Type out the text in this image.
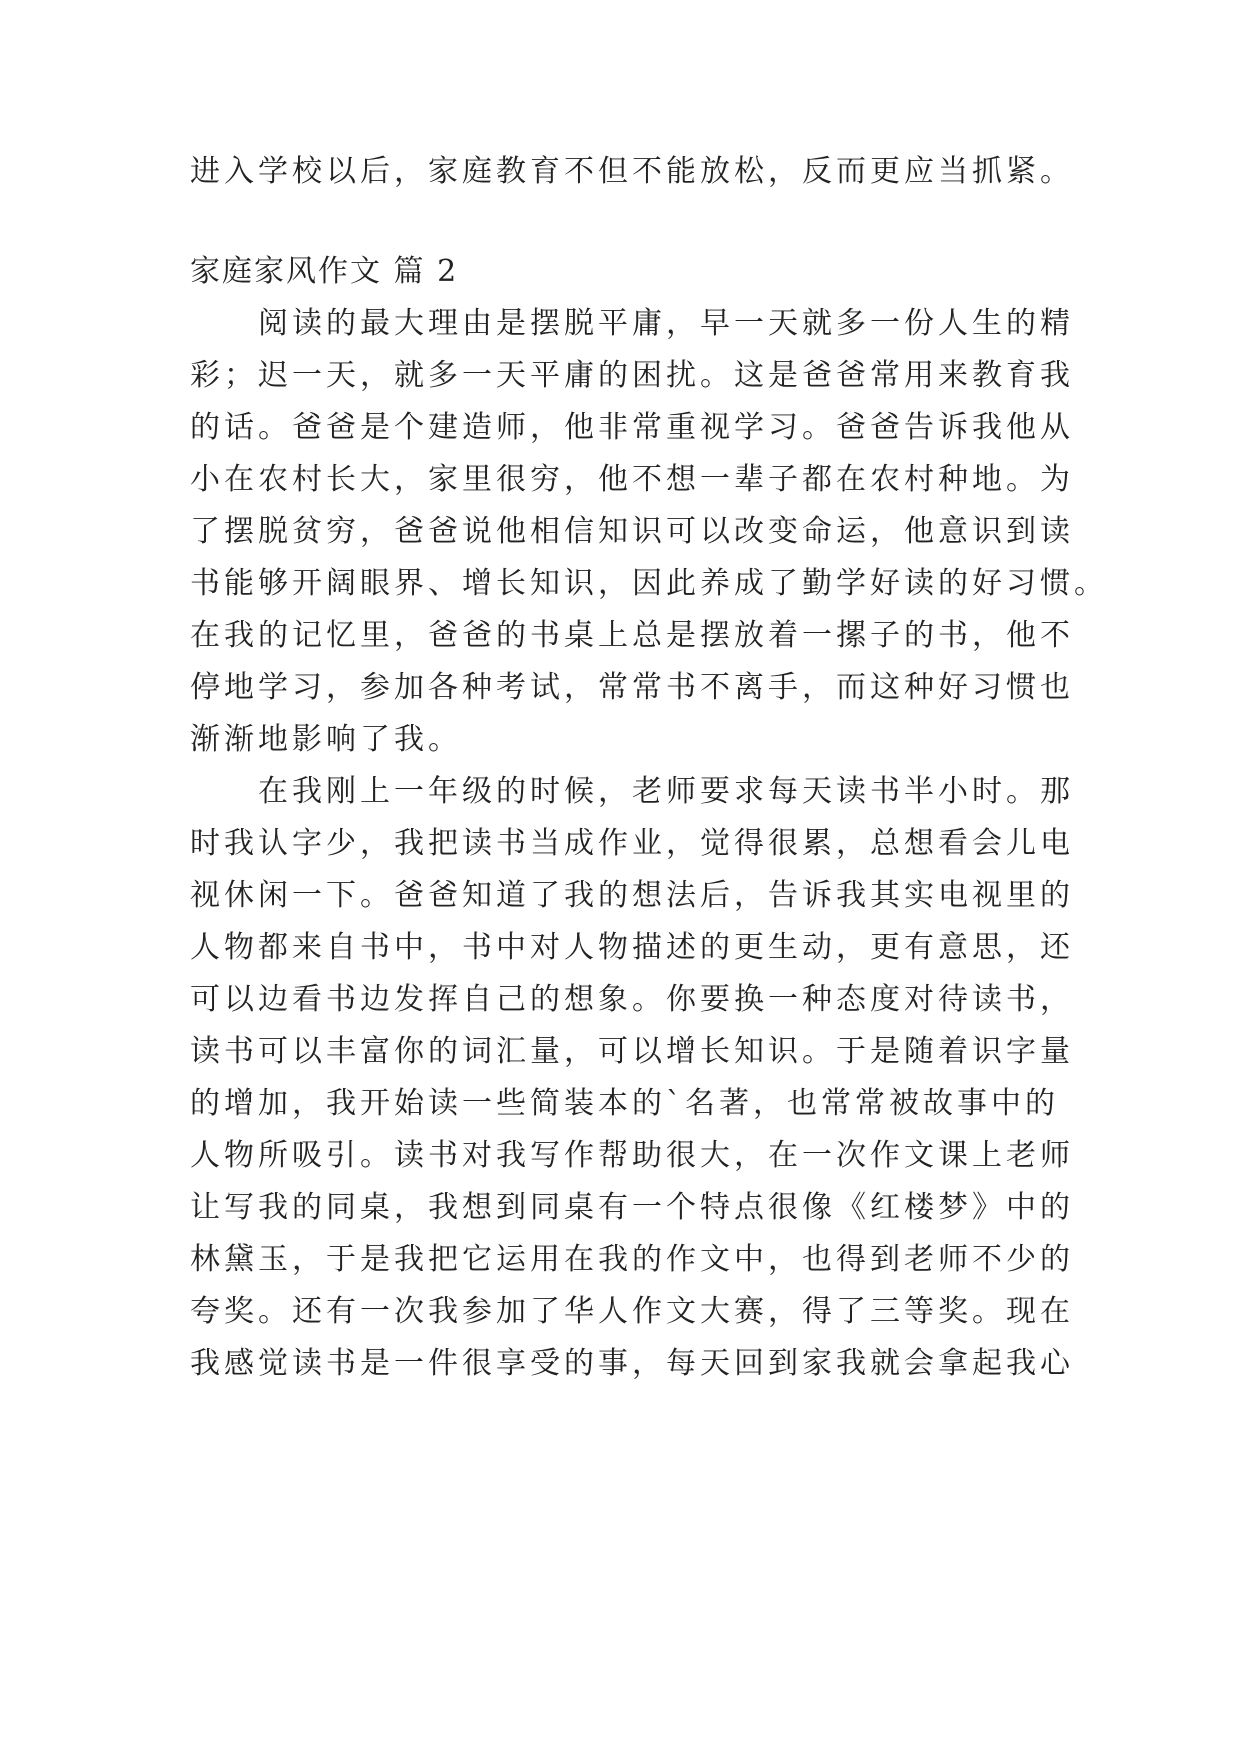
进入学校以后，家庭教育不但不能放松，反而更应当抓紧。
家庭家风作文 篇 2
　　阅读的最大理由是摆脱平庸，早一天就多一份人生的精
彩；迟一天，就多一天平庸的困扰。这是爸爸常用来教育我
的话。爸爸是个建造师，他非常重视学习。爸爸告诉我他从
小在农村长大，家里很穷，他不想一辈子都在农村种地。为
了摆脱贫穷，爸爸说他相信知识可以改变命运，他意识到读
书能够开阔眼界、增长知识，因此养成了勤学好读的好习惯。
在我的记忆里，爸爸的书桌上总是摆放着一摞子的书，他不
停地学习，参加各种考试，常常书不离手，而这种好习惯也
渐渐地影响了我。
　　在我刚上一年级的时候，老师要求每天读书半小时。那
时我认字少，我把读书当成作业，觉得很累，总想看会儿电
视休闲一下。爸爸知道了我的想法后，告诉我其实电视里的
人物都来自书中，书中对人物描述的更生动，更有意思，还
可以边看书边发挥自己的想象。你要换一种态度对待读书，
读书可以丰富你的词汇量，可以增长知识。于是随着识字量
的增加，我开始读一些简装本的`名著，也常常被故事中的
人物所吸引。读书对我写作帮助很大，在一次作文课上老师
让写我的同桌，我想到同桌有一个特点很像《红楼梦》中的
林黛玉，于是我把它运用在我的作文中，也得到老师不少的
夸奖。还有一次我参加了华人作文大赛，得了三等奖。现在
我感觉读书是一件很享受的事，每天回到家我就会拿起我心
